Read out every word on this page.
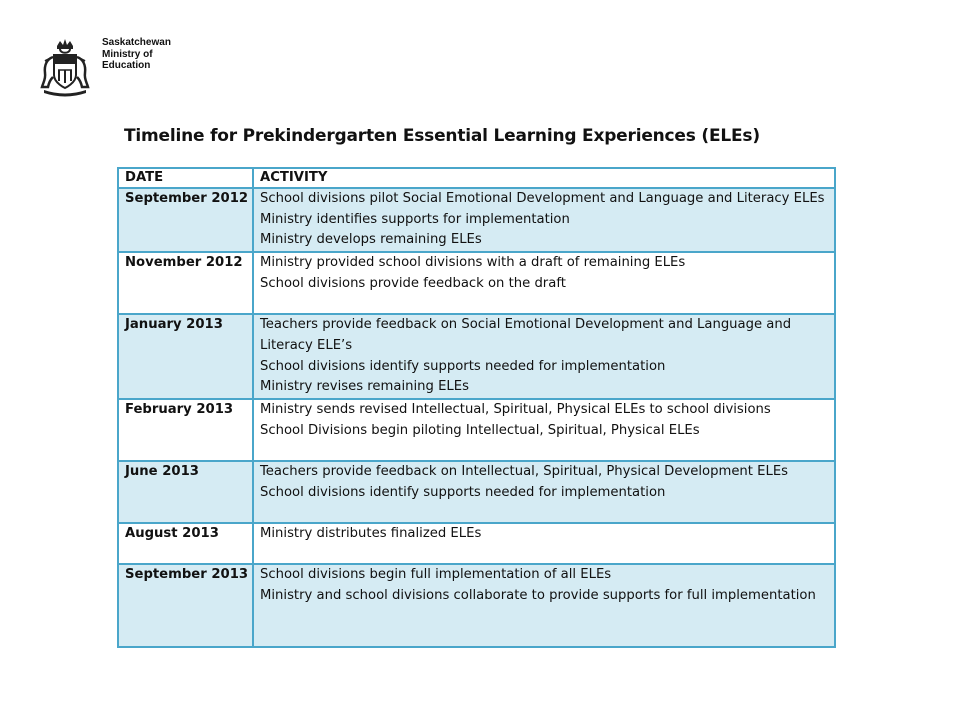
Saskatchewan
Ministry of
Education
Timeline for Prekindergarten Essential Learning Experiences (ELEs)
DATE	ACTIVITY
September 2012	School divisions pilot Social Emotional Development and Language and Literacy ELEs
Ministry identifies supports for implementation
Ministry develops remaining ELEs

November 2012	Ministry provided school divisions with a draft of remaining ELEs
School divisions provide feedback on the draft

January 2013	Teachers provide feedback on Social Emotional Development and Language and Literacy ELE’s
School divisions identify supports needed for implementation
Ministry revises remaining ELEs

February 2013	Ministry sends revised Intellectual, Spiritual, Physical ELEs to school divisions
School Divisions begin piloting Intellectual, Spiritual, Physical ELEs

June 2013	Teachers provide feedback on Intellectual, Spiritual, Physical Development ELEs
School divisions identify supports needed for implementation

August 2013	Ministry distributes finalized ELEs

September 2013	School divisions begin full implementation of all ELEs
Ministry and school divisions collaborate to provide supports for full implementation
